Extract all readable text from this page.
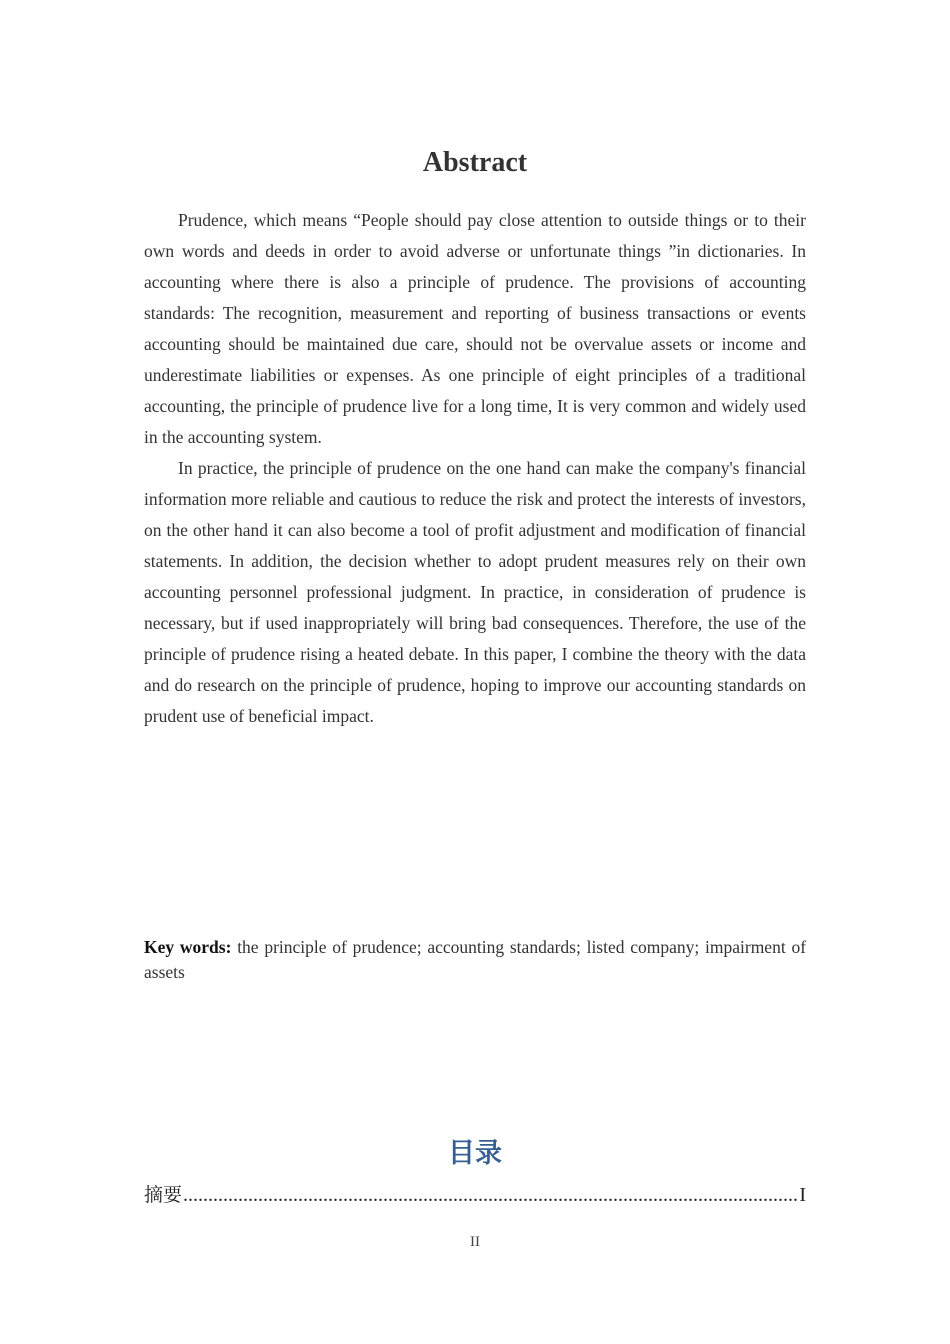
Abstract

Prudence, which means “People should pay close attention to outside things or to their own words and deeds in order to avoid adverse or unfortunate things ”in dictionaries. In accounting where there is also a principle of prudence. The provisions of accounting standards: The recognition, measurement and reporting of business transactions or events accounting should be maintained due care, should not be overvalue assets or income and underestimate liabilities or expenses. As one principle of eight principles of a traditional accounting, the principle of prudence live for a long time, It is very common and widely used in the accounting system.

In practice, the principle of prudence on the one hand can make the company's financial information more reliable and cautious to reduce the risk and protect the interests of investors, on the other hand it can also become a tool of profit adjustment and modification of financial statements. In addition, the decision whether to adopt prudent measures rely on their own accounting personnel professional judgment. In practice, in consideration of prudence is necessary, but if used inappropriately will bring bad consequences. Therefore, the use of the principle of prudence rising a heated debate. In this paper, I combine the theory with the data and do research on the principle of prudence, hoping to improve our accounting standards on prudent use of beneficial impact.

Key words: the principle of prudence; accounting standards; listed company; impairment of assets
目录
摘要
.....	I
II
